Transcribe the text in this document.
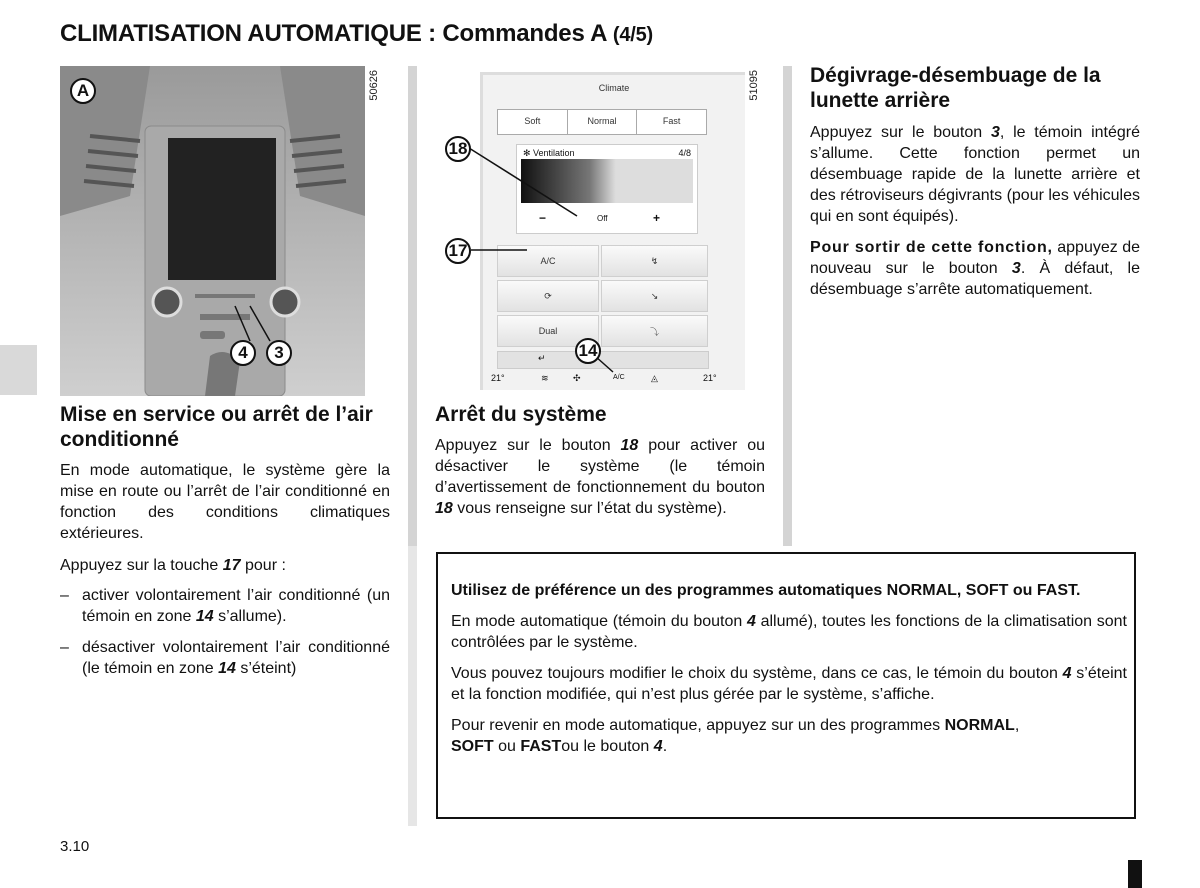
CLIMATISATION AUTOMATIQUE : Commandes A (4/5)
A
4	3
50626	Climate
Soft	Normal	Fast
✻ Ventilation	4/8
−	Off	+
A/C	↯
⟳	↘
Dual	⤵
↵
21°	≋	✣	A/C	◬	21°
18
17
14
51095
Mise en service ou arrêt de l’air conditionné
En mode automatique, le système gère la mise en route ou l’arrêt de l’air conditionné en fonction des conditions climatiques extérieures.
Appuyez sur la touche 17 pour :
– activer volontairement l’air conditionné (un témoin en zone 14 s’allume).
– désactiver volontairement l’air conditionné (le témoin en zone 14 s’éteint)
Arrêt du système
Appuyez sur le bouton 18 pour activer ou désactiver le système (le témoin d’avertissement de fonctionnement du bouton 18 vous renseigne sur l’état du système).
Dégivrage-désembuage de la lunette arrière
Appuyez sur le bouton 3, le témoin intégré s’allume. Cette fonction permet un désembuage rapide de la lunette arrière et des rétroviseurs dégivrants (pour les véhicules qui en sont équipés).
Pour sortir de cette fonction, appuyez de nouveau sur le bouton 3. À défaut, le désembuage s’arrête automatiquement.
Utilisez de préférence un des programmes automatiques NORMAL, SOFT ou FAST.
En mode automatique (témoin du bouton 4 allumé), toutes les fonctions de la climatisation sont contrôlées par le système.
Vous pouvez toujours modifier le choix du système, dans ce cas, le témoin du bouton 4 s’éteint et la fonction modifiée, qui n’est plus gérée par le système, s’affiche.
Pour revenir en mode automatique, appuyez sur un des programmes NORMAL,
SOFT ou FASTou le bouton 4.
3.10
